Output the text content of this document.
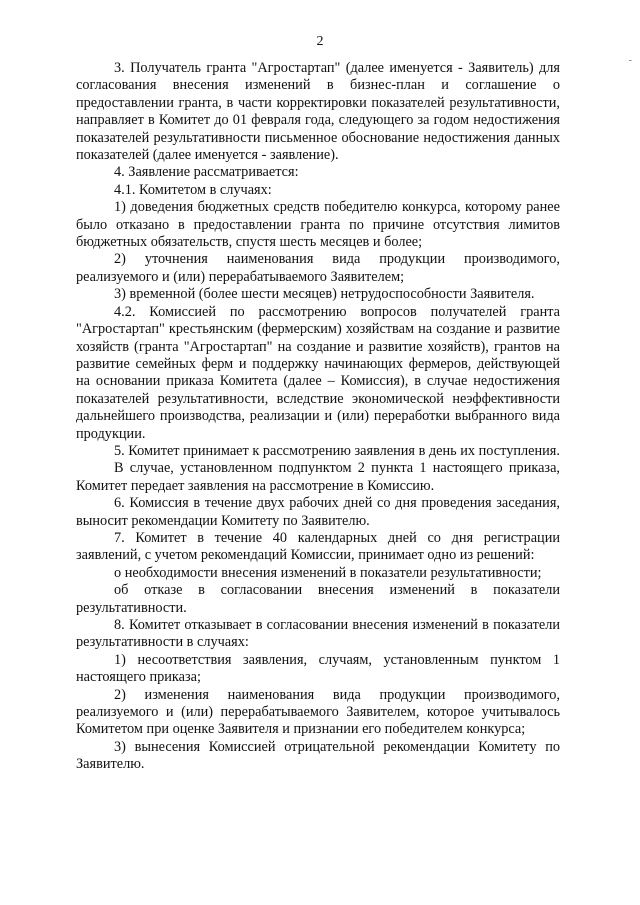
2
-

3. Получатель гранта "Агростартап" (далее именуется - Заявитель) для согласования внесения изменений в бизнес-план и соглашение о предоставлении гранта, в части корректировки показателей результативности, направляет в Комитет до 01 февраля года, следующего за годом недостижения показателей результативности письменное обоснование недостижения данных показателей (далее именуется - заявление).

4. Заявление рассматривается:

4.1. Комитетом в случаях:

1) доведения бюджетных средств победителю конкурса, которому ранее было отказано в предоставлении гранта по причине отсутствия лимитов бюджетных обязательств, спустя шесть месяцев и более;

2) уточнения наименования вида продукции производимого, реализуемого и (или) перерабатываемого Заявителем;

3) временной (более шести месяцев) нетрудоспособности Заявителя.

4.2. Комиссией по рассмотрению вопросов получателей гранта "Агростартап" крестьянским (фермерским) хозяйствам на создание и развитие хозяйств (гранта "Агростартап" на создание и развитие хозяйств), грантов на развитие семейных ферм и поддержку начинающих фермеров, действующей на основании приказа Комитета (далее – Комиссия), в случае недостижения показателей результативности, вследствие экономической неэффективности дальнейшего производства, реализации и (или) переработки выбранного вида продукции.

5. Комитет принимает к рассмотрению заявления в день их поступления.

В случае, установленном подпунктом 2 пункта 1 настоящего приказа, Комитет передает заявления на рассмотрение в Комиссию.

6. Комиссия в течение двух рабочих дней со дня проведения заседания, выносит рекомендации Комитету по Заявителю.

7. Комитет в течение 40 календарных дней со дня регистрации заявлений, с учетом рекомендаций Комиссии, принимает одно из решений:

о необходимости внесения изменений в показатели результативности;

об отказе в согласовании внесения изменений в показатели результативности.

8. Комитет отказывает в согласовании внесения изменений в показатели результативности в случаях:

1) несоответствия заявления, случаям, установленным пунктом 1 настоящего приказа;

2) изменения наименования вида продукции производимого, реализуемого и (или) перерабатываемого Заявителем, которое учитывалось Комитетом при оценке Заявителя и признании его победителем конкурса;

3) вынесения Комиссией отрицательной рекомендации Комитету по Заявителю.
